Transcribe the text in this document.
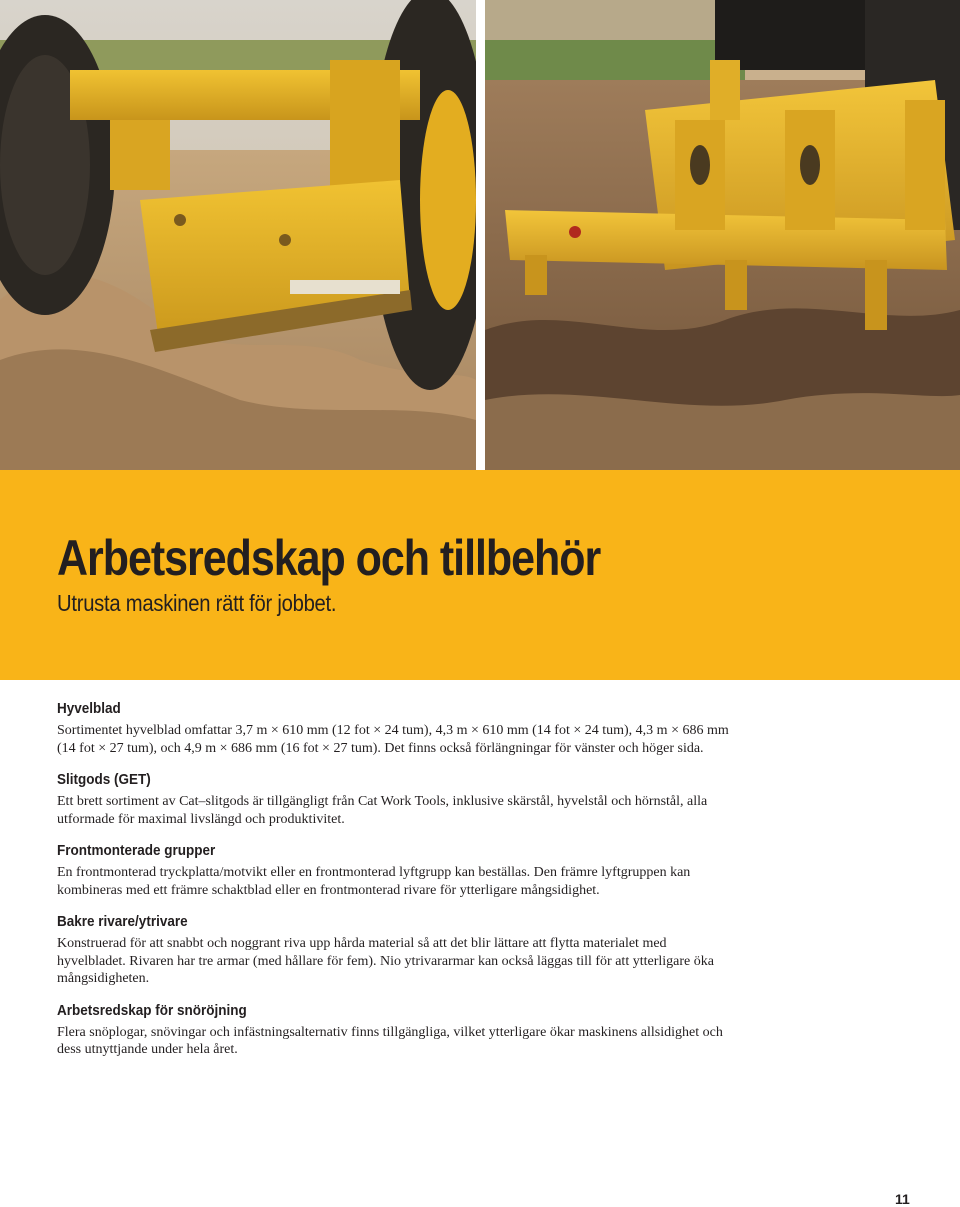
Arbetsredskap och tillbehör

Utrusta maskinen rätt för jobbet.

Hyvelblad

Sortimentet hyvelblad omfattar 3,7 m × 610 mm (12 fot × 24 tum), 4,3 m × 610 mm (14 fot × 24 tum), 4,3 m × 686 mm (14 fot × 27 tum), och 4,9 m × 686 mm (16 fot × 27 tum). Det finns också förlängningar för vänster och höger sida.

Slitgods (GET)

Ett brett sortiment av Cat–slitgods är tillgängligt från Cat Work Tools, inklusive skärstål, hyvelstål och hörnstål, alla utformade för maximal livslängd och produktivitet.

Frontmonterade grupper

En frontmonterad tryckplatta/motvikt eller en frontmonterad lyftgrupp kan beställas. Den främre lyftgruppen kan kombineras med ett främre schaktblad eller en frontmonterad rivare för ytterligare mångsidighet.

Bakre rivare/ytrivare

Konstruerad för att snabbt och noggrant riva upp hårda material så att det blir lättare att flytta materialet med hyvelbladet. Rivaren har tre armar (med hållare för fem). Nio ytrivararmar kan också läggas till för att ytterligare öka mångsidigheten.

Arbetsredskap för snöröjning

Flera snöplogar, snövingar och infästningsalternativ finns tillgängliga, vilket ytterligare ökar maskinens allsidighet och dess utnyttjande under hela året.

11
